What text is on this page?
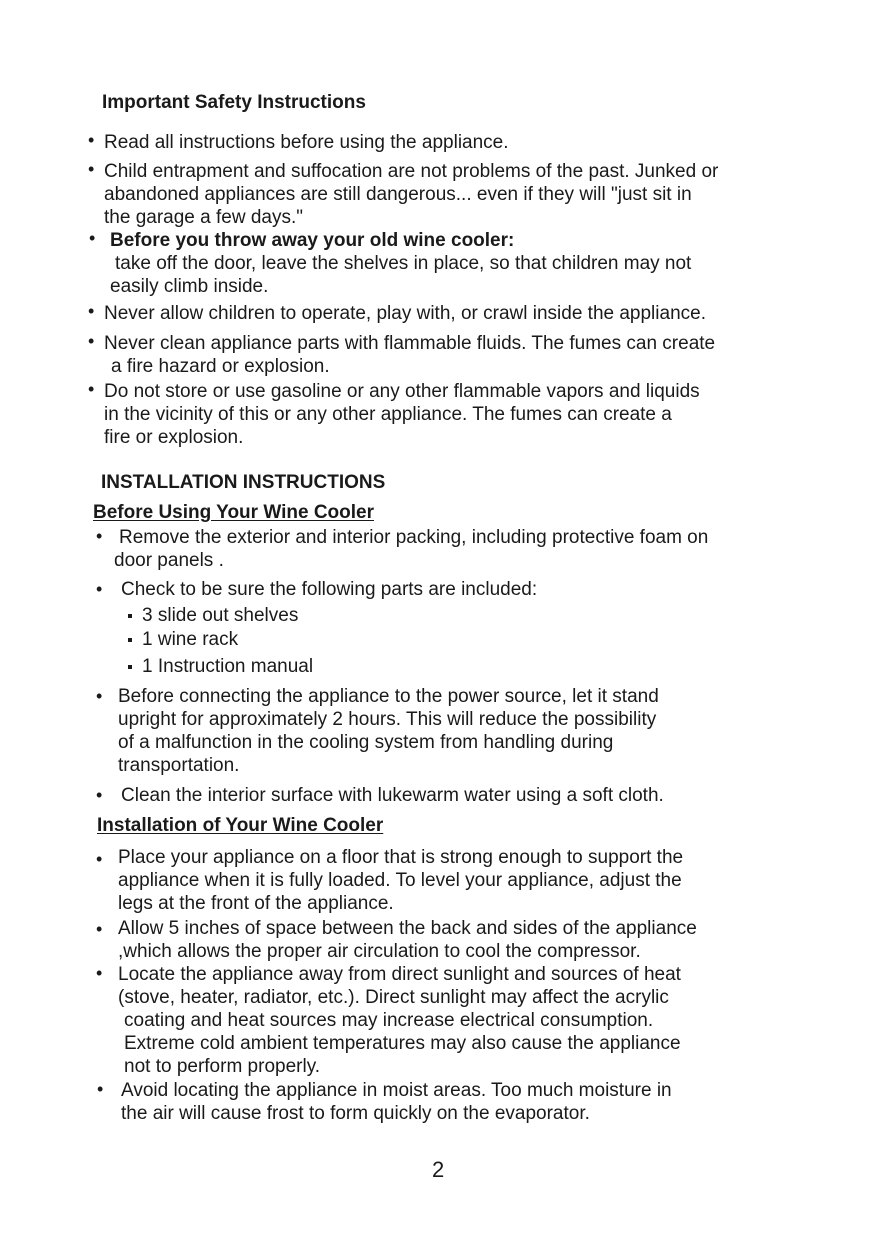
Important Safety Instructions
• Read all instructions before using the appliance.
• Child entrapment and suffocation are not problems of the past. Junked or
abandoned appliances are still dangerous... even if they will "just sit in
the garage a few days."
• Before you throw away your old wine cooler:
take off the door, leave the shelves in place, so that children may not
easily climb inside.
• Never allow children to operate, play with, or crawl inside the appliance.
• Never clean appliance parts with flammable fluids. The fumes can create
a fire hazard or explosion.
• Do not store or use gasoline or any other flammable vapors and liquids
in the vicinity of this or any other appliance. The fumes can create a
fire or explosion.
INSTALLATION INSTRUCTIONS
Before Using Your Wine Cooler
• Remove the exterior and interior packing, including protective foam on
door panels .
• Check to be sure the following parts are included:
3 slide out shelves
1 wine rack
1 Instruction manual
• Before connecting the appliance to the power source, let it stand
upright for approximately 2 hours. This will reduce the possibility
of a malfunction in the cooling system from handling during
transportation.
• Clean the interior surface with lukewarm water using a soft cloth.
Installation of Your Wine Cooler
• Place your appliance on a floor that is strong enough to support the
appliance when it is fully loaded. To level your appliance, adjust the
legs at the front of the appliance.
• Allow 5 inches of space between the back and sides of the appliance
,which allows the proper air circulation to cool the compressor.
• Locate the appliance away from direct sunlight and sources of heat
(stove, heater, radiator, etc.). Direct sunlight may affect the acrylic
coating and heat sources may increase electrical consumption.
Extreme cold ambient temperatures may also cause the appliance
not to perform properly.
• Avoid locating the appliance in moist areas. Too much moisture in
the air will cause frost to form quickly on the evaporator.
2
